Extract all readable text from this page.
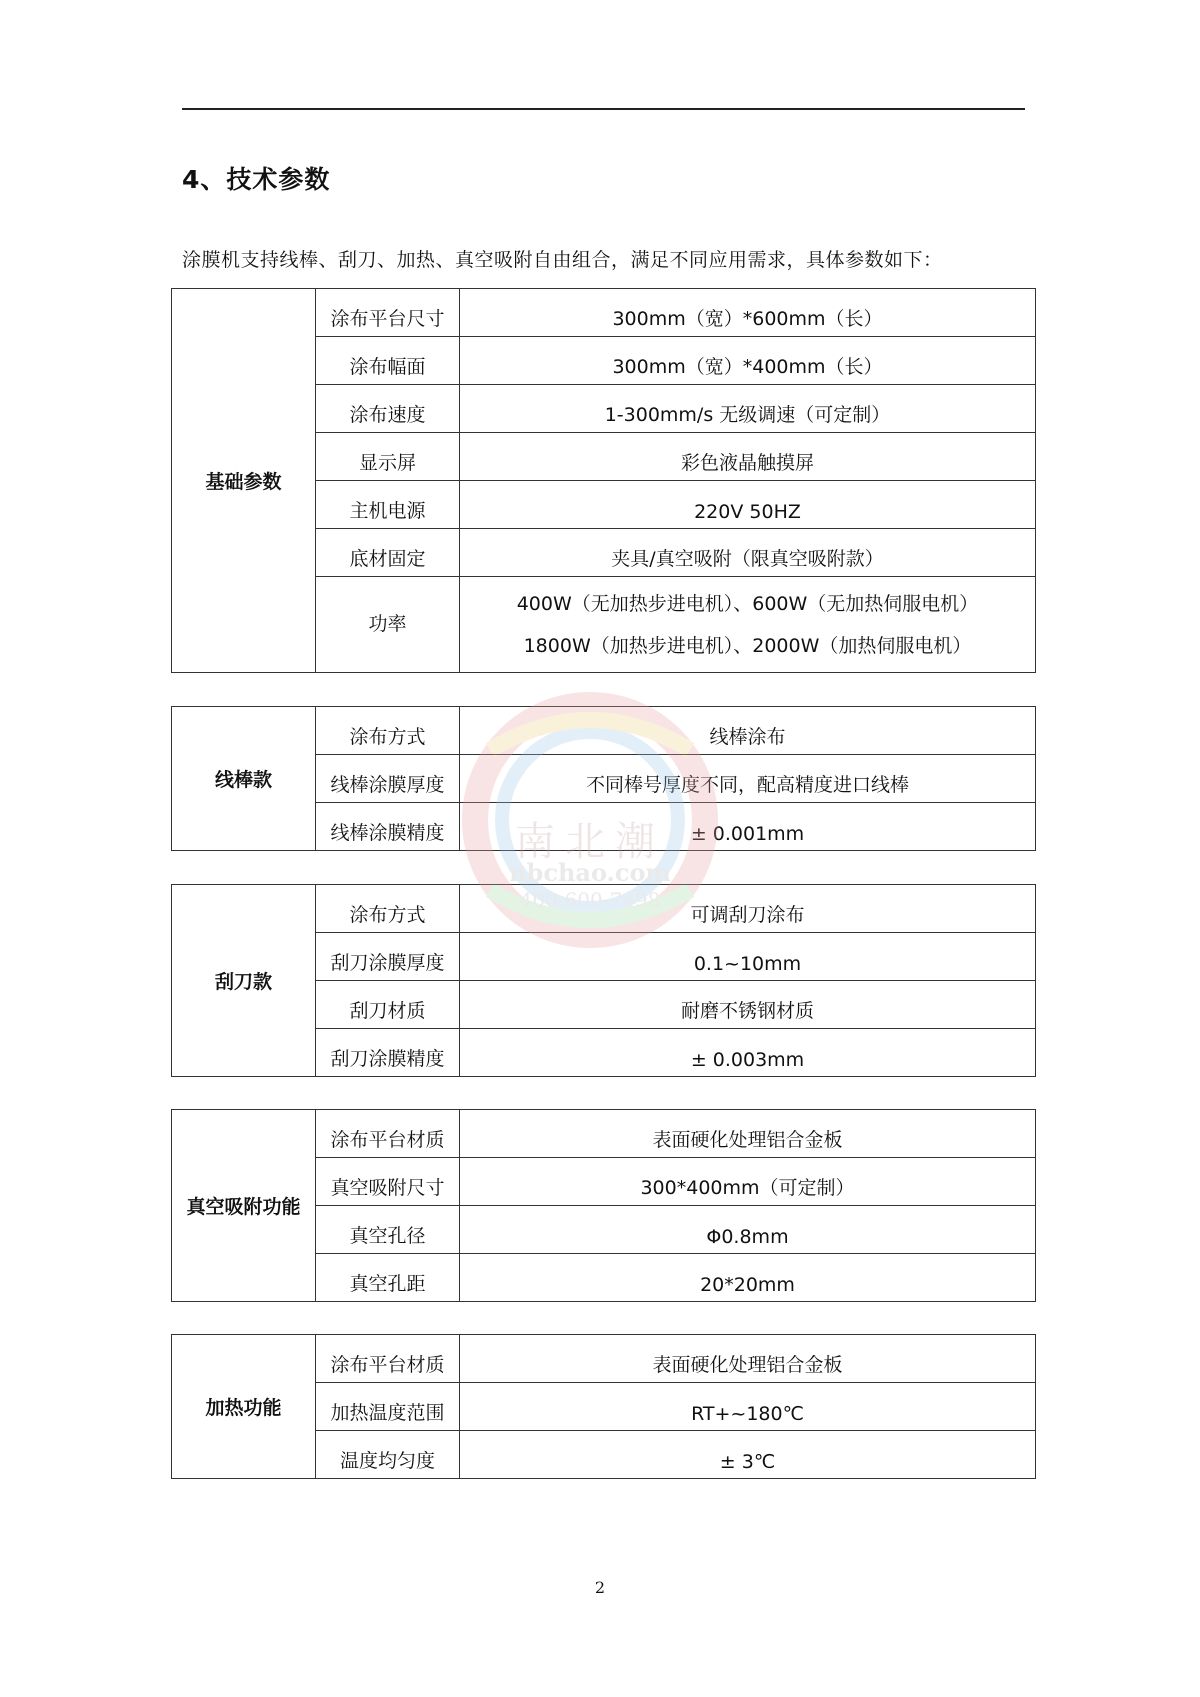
4、技术参数
涂膜机支持线棒、刮刀、加热、真空吸附自由组合，满足不同应用需求，具体参数如下：
基础参数	涂布平台尺寸	300mm（宽）*600mm（长）
	涂布幅面	300mm（宽）*400mm（长）
	涂布速度	1-300mm/s 无级调速（可定制）
	显示屏	彩色液晶触摸屏
	主机电源	220V 50HZ
	底材固定	夹具/真空吸附（限真空吸附款）
	功率	400W（无加热步进电机）、600W（无加热伺服电机）
1800W（加热步进电机）、2000W（加热伺服电机）
线棒款	涂布方式	线棒涂布
	线棒涂膜厚度	不同棒号厚度不同，配高精度进口线棒
	线棒涂膜精度	± 0.001mm
刮刀款	涂布方式	可调刮刀涂布
	刮刀涂膜厚度	0.1~10mm
	刮刀材质	耐磨不锈钢材质
	刮刀涂膜精度	± 0.003mm
真空吸附功能	涂布平台材质	表面硬化处理铝合金板
	真空吸附尺寸	300*400mm（可定制）
	真空孔径	Φ0.8mm
	真空孔距	20*20mm
加热功能	涂布平台材质	表面硬化处理铝合金板
	加热温度范围	RT+~180℃
	温度均匀度	± 3℃
南北潮
nbchao.com
400-600-7498
2
